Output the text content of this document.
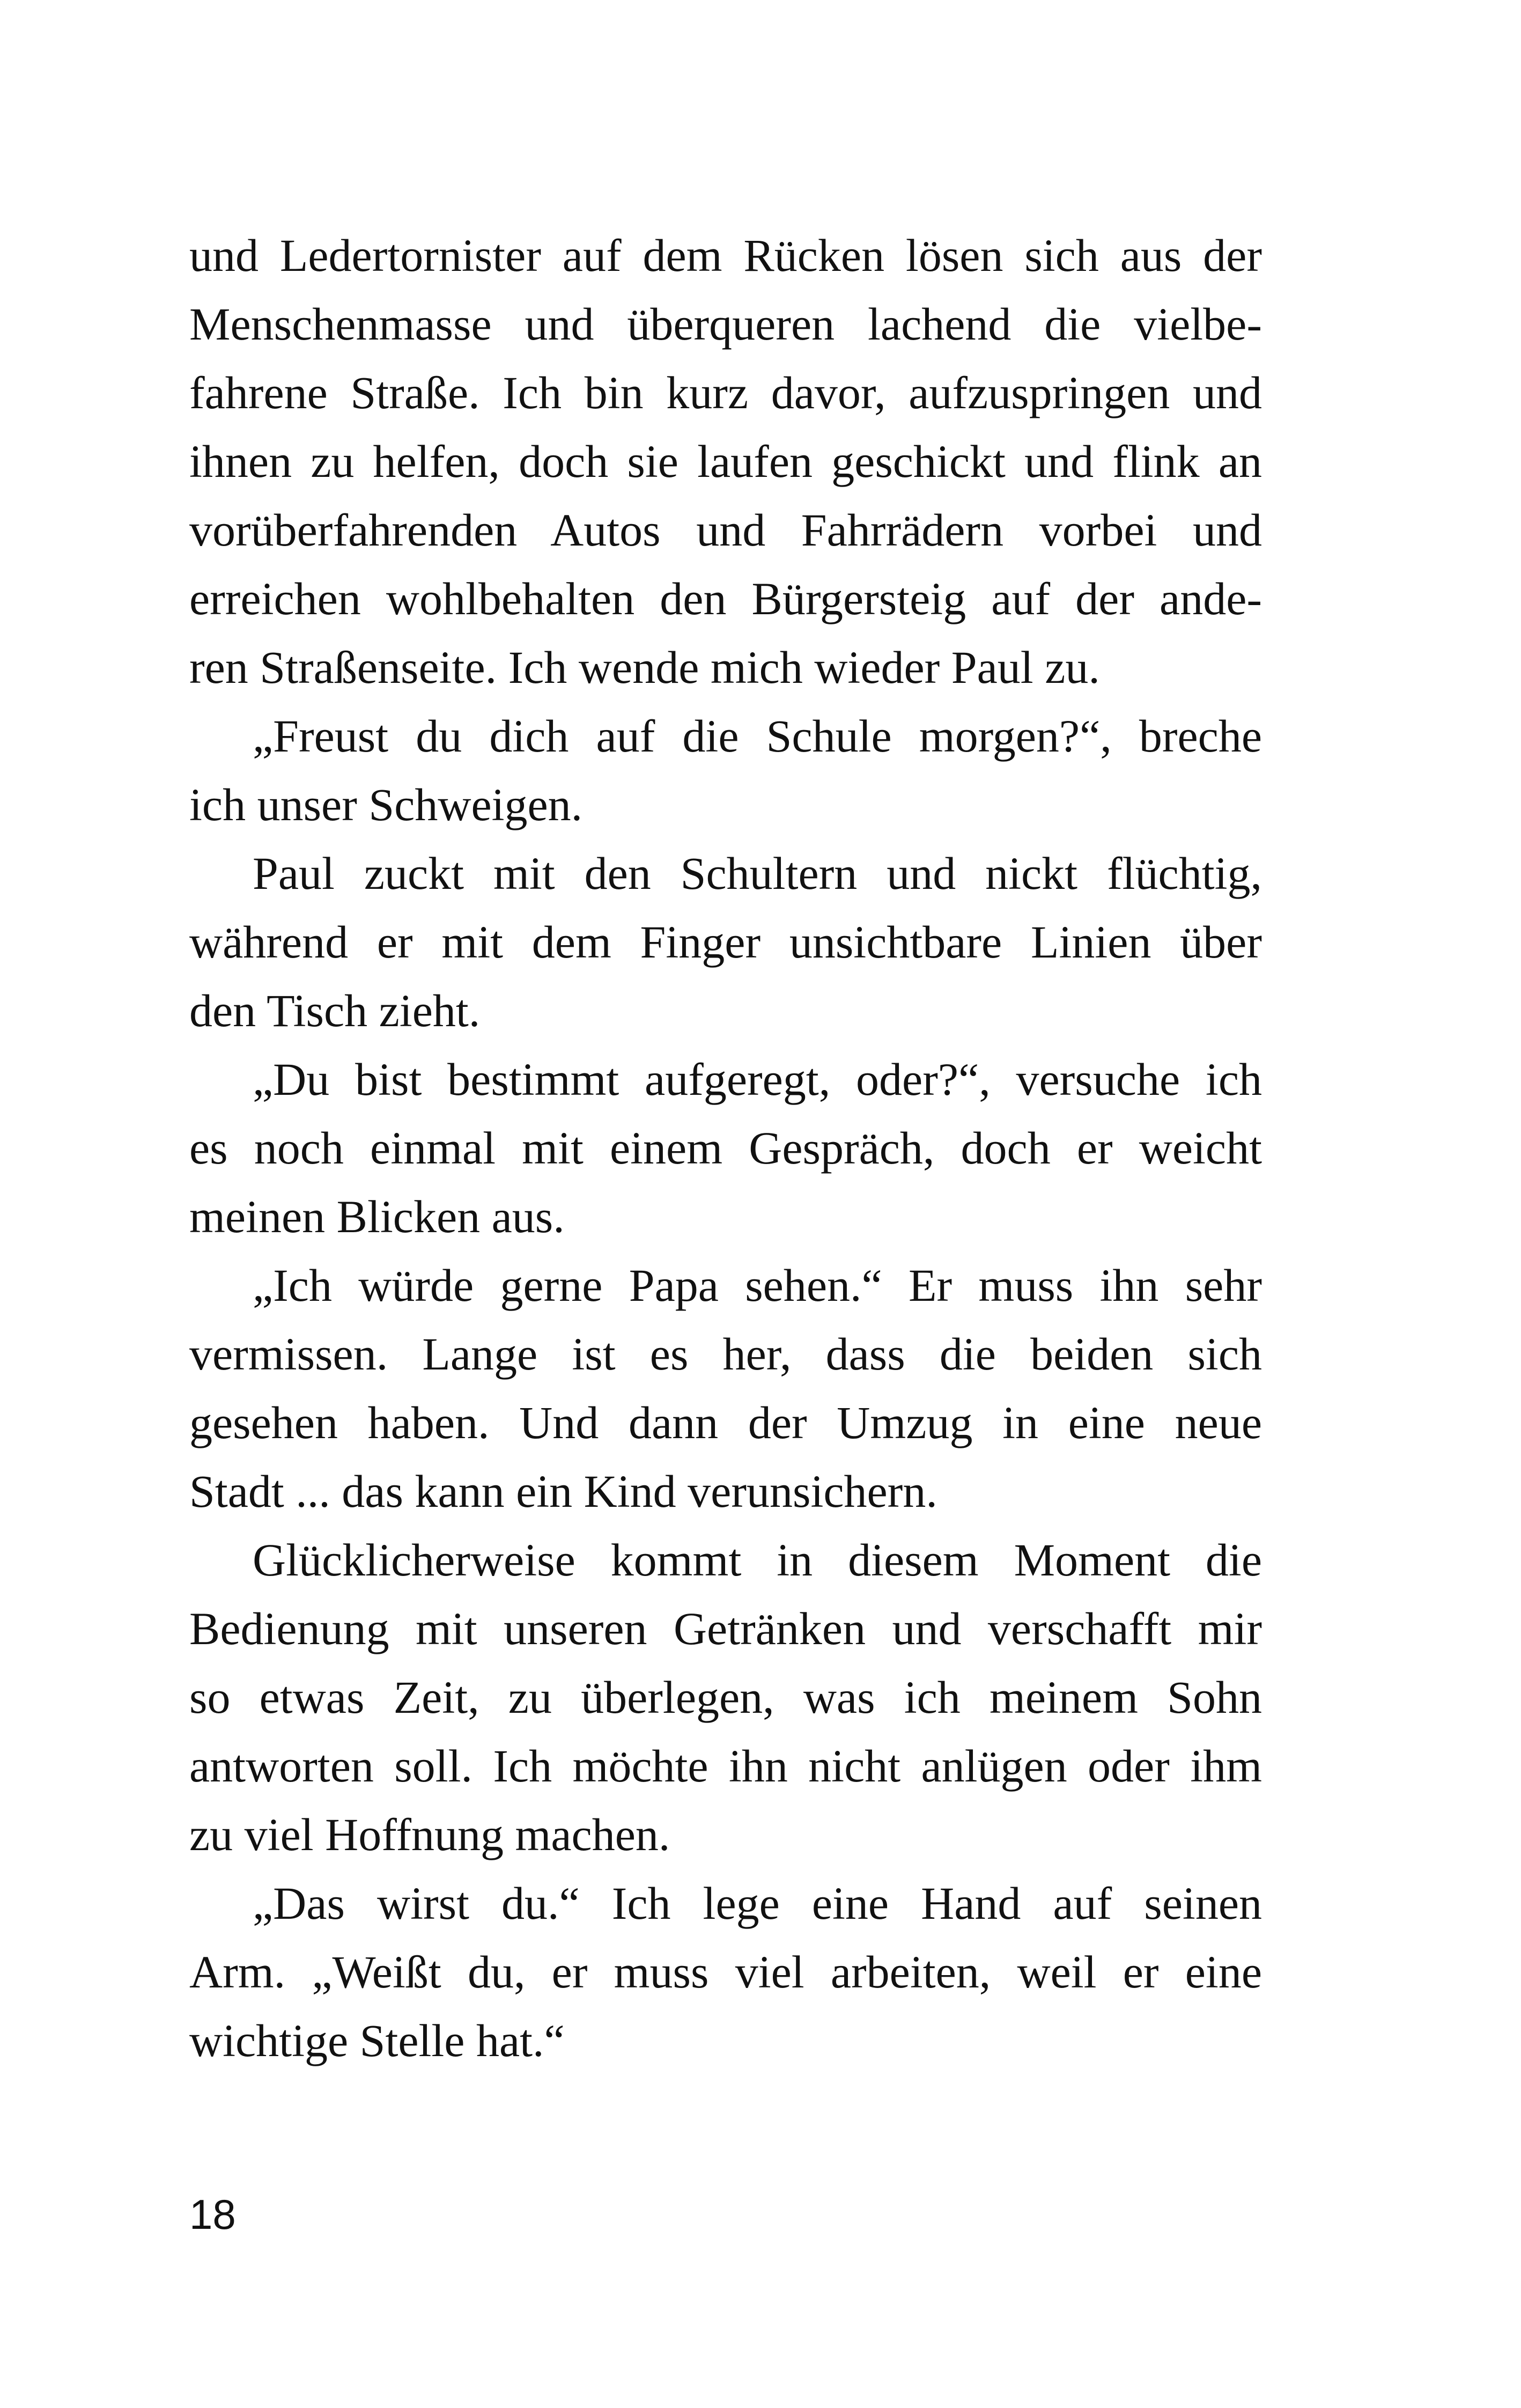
und Ledertornister auf dem Rücken lösen sich aus der
Menschenmasse und überqueren lachend die vielbe-
fahrene Straße. Ich bin kurz davor, aufzuspringen und
ihnen zu helfen, doch sie laufen geschickt und flink an
vorüberfahrenden Autos und Fahrrädern vorbei und
erreichen wohlbehalten den Bürgersteig auf der ande-
ren Straßenseite. Ich wende mich wieder Paul zu.
„Freust du dich auf die Schule morgen?“, breche
ich unser Schweigen.
Paul zuckt mit den Schultern und nickt flüchtig,
während er mit dem Finger unsichtbare Linien über
den Tisch zieht.
„Du bist bestimmt aufgeregt, oder?“, versuche ich
es noch einmal mit einem Gespräch, doch er weicht
meinen Blicken aus.
„Ich würde gerne Papa sehen.“ Er muss ihn sehr
vermissen. Lange ist es her, dass die beiden sich
gesehen haben. Und dann der Umzug in eine neue
Stadt ... das kann ein Kind verunsichern.
Glücklicherweise kommt in diesem Moment die
Bedienung mit unseren Getränken und verschafft mir
so etwas Zeit, zu überlegen, was ich meinem Sohn
antworten soll. Ich möchte ihn nicht anlügen oder ihm
zu viel Hoffnung machen.
„Das wirst du.“ Ich lege eine Hand auf seinen
Arm. „Weißt du, er muss viel arbeiten, weil er eine
wichtige Stelle hat.“
18
